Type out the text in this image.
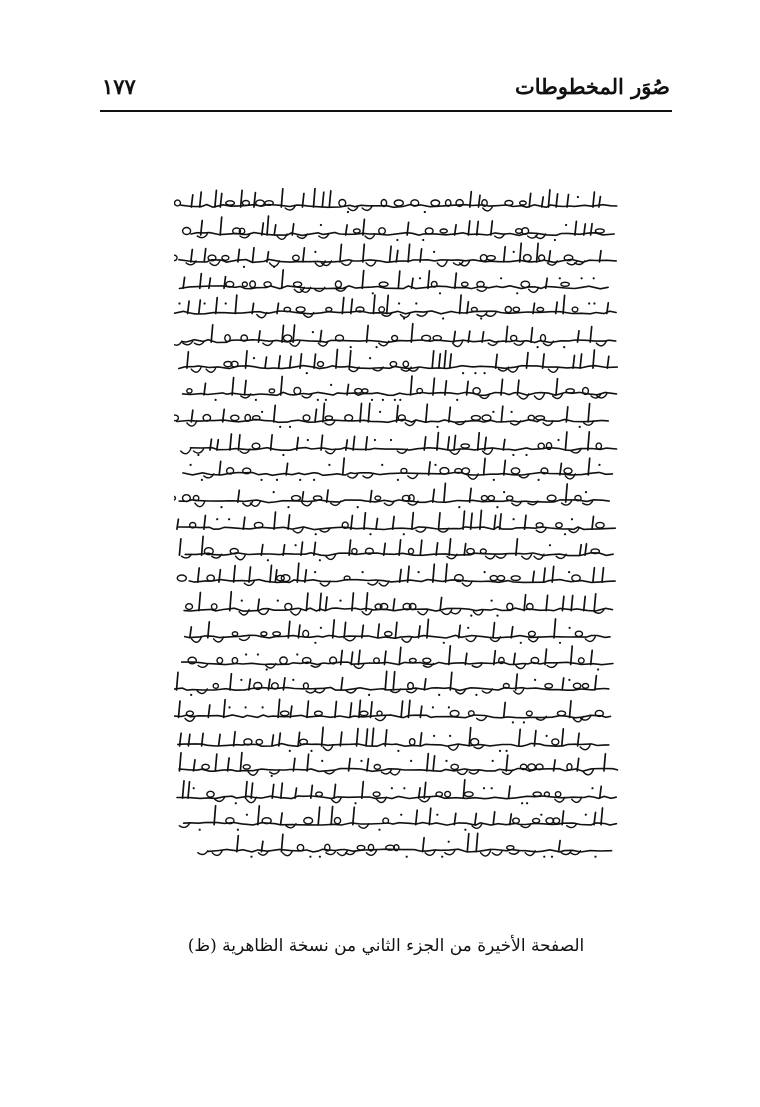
صُوَر المخطوطات
١٧٧
الصفحة الأخيرة من الجزء الثاني من نسخة الظاهرية (ظ)
